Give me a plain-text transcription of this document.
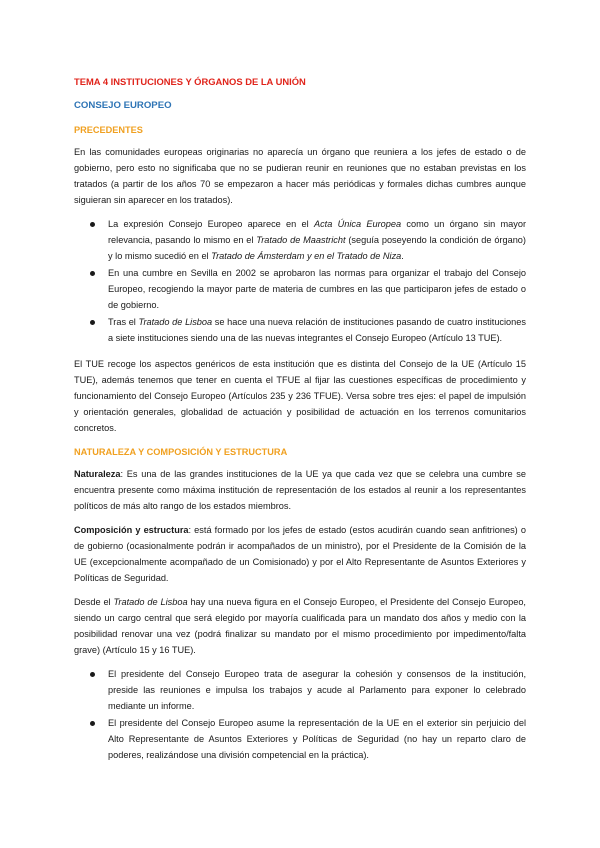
TEMA 4 INSTITUCIONES Y ÓRGANOS DE LA UNIÓN
CONSEJO EUROPEO
PRECEDENTES

En las comunidades europeas originarias no aparecía un órgano que reuniera a los jefes de estado o de gobierno, pero esto no significaba que no se pudieran reunir en reuniones que no estaban previstas en los tratados (a partir de los años 70 se empezaron a hacer más periódicas y formales dichas cumbres aunque siguieran sin aparecer en los tratados).

La expresión Consejo Europeo aparece en el Acta Única Europea como un órgano sin mayor relevancia, pasando lo mismo en el Tratado de Maastricht (seguía poseyendo la condición de órgano) y lo mismo sucedió en el Tratado de Ámsterdam y en el Tratado de Niza.
En una cumbre en Sevilla en 2002 se aprobaron las normas para organizar el trabajo del Consejo Europeo, recogiendo la mayor parte de materia de cumbres en las que participaron jefes de estado o de gobierno.
Tras el Tratado de Lisboa se hace una nueva relación de instituciones pasando de cuatro instituciones a siete instituciones siendo una de las nuevas integrantes el Consejo Europeo (Artículo 13 TUE).

El TUE recoge los aspectos genéricos de esta institución que es distinta del Consejo de la UE (Artículo 15 TUE), además tenemos que tener en cuenta el TFUE al fijar las cuestiones específicas de procedimiento y funcionamiento del Consejo Europeo (Artículos 235 y 236 TFUE). Versa sobre tres ejes: el papel de impulsión y orientación generales, globalidad de actuación y posibilidad de actuación en los terrenos comunitarios concretos.

NATURALEZA Y COMPOSICIÓN Y ESTRUCTURA

Naturaleza: Es una de las grandes instituciones de la UE ya que cada vez que se celebra una cumbre se encuentra presente como máxima institución de representación de los estados al reunir a los representantes políticos de más alto rango de los estados miembros.

Composición y estructura: está formado por los jefes de estado (estos acudirán cuando sean anfitriones) o de gobierno (ocasionalmente podrán ir acompañados de un ministro), por el Presidente de la Comisión de la UE (excepcionalmente acompañado de un Comisionado) y por el Alto Representante de Asuntos Exteriores y Políticas de Seguridad.

Desde el Tratado de Lisboa hay una nueva figura en el Consejo Europeo, el Presidente del Consejo Europeo, siendo un cargo central que será elegido por mayoría cualificada para un mandato dos años y medio con la posibilidad renovar una vez (podrá finalizar su mandato por el mismo procedimiento por impedimento/falta grave) (Artículo 15 y 16 TUE).

El presidente del Consejo Europeo trata de asegurar la cohesión y consensos de la institución, preside las reuniones e impulsa los trabajos y acude al Parlamento para exponer lo celebrado mediante un informe.
El presidente del Consejo Europeo asume la representación de la UE en el exterior sin perjuicio del Alto Representante de Asuntos Exteriores y Políticas de Seguridad (no hay un reparto claro de poderes, realizándose una división competencial en la práctica).
